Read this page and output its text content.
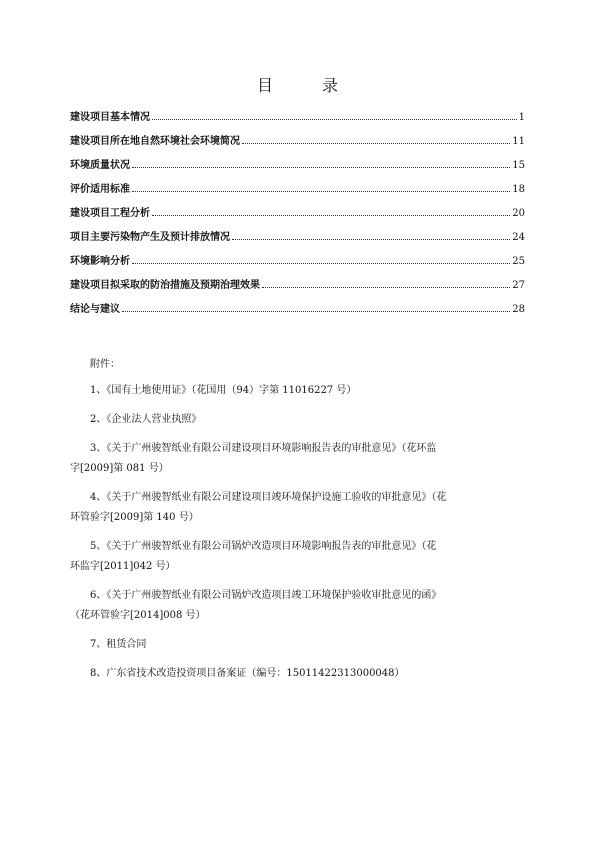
目 录
建设项目基本情况	1
建设项目所在地自然环境社会环境简况	11
环境质量状况	15
评价适用标准	18
建设项目工程分析	20
项目主要污染物产生及预计排放情况	24
环境影响分析	25
建设项目拟采取的防治措施及预期治理效果	27
结论与建议	28
附件：
1、《国有土地使用证》（花国用（94）字第 11016227 号）
2、《企业法人营业执照》
3、《关于广州骏智纸业有限公司建设项目环境影响报告表的审批意见》（花环监
字[2009]第 081 号）
4、《关于广州骏智纸业有限公司建设项目竣环境保护设施工验收的审批意见》（花
环管验字[2009]第 140 号）
5、《关于广州骏智纸业有限公司锅炉改造项目环境影响报告表的审批意见》（花
环监字[2011]042 号）
6、《关于广州骏智纸业有限公司锅炉改造项目竣工环境保护验收审批意见的函》
（花环管验字[2014]008 号）
7、租赁合同
8、广东省技术改造投资项目备案证（编号：15011422313000048）
